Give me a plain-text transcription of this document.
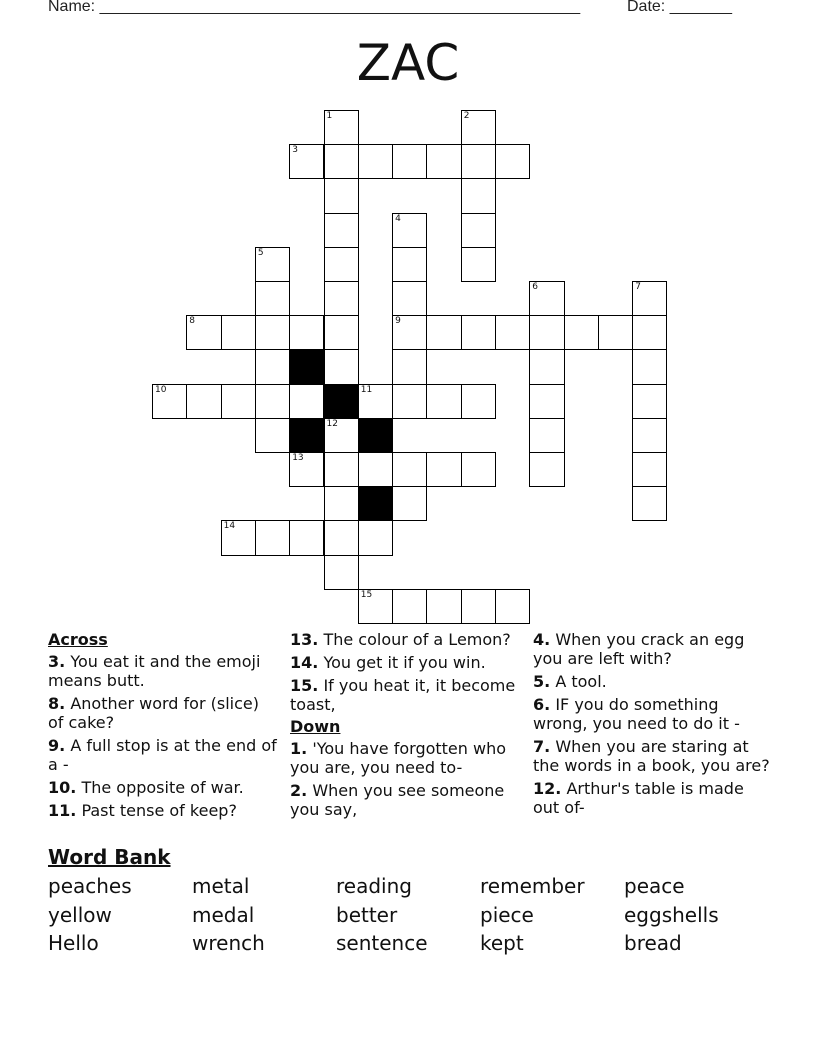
Name: ______________________________________________________	Date: _______
ZAC
1
12
2
4
9
5
6	7
3
8
10	11
13
14
15
Across
3. You eat it and the emoji means butt.
8. Another word for (slice) of cake?
9. A full stop is at the end of a -
10. The opposite of war.
11. Past tense of keep?
13. The colour of a Lemon?
14. You get it if you win.
15. If you heat it, it become toast,
Down
1. 'You have forgotten who you are, you need to-
2. When you see someone you say,
4. When you crack an egg you are left with?
5. A tool.
6. IF you do something wrong, you need to do it -
7. When you are staring at the words in a book, you are?
12. Arthur's table is made out of-
Word Bank
peaches	metal	reading	remember	peace
yellow	medal	better	piece	eggshells
Hello	wrench	sentence	kept	bread
